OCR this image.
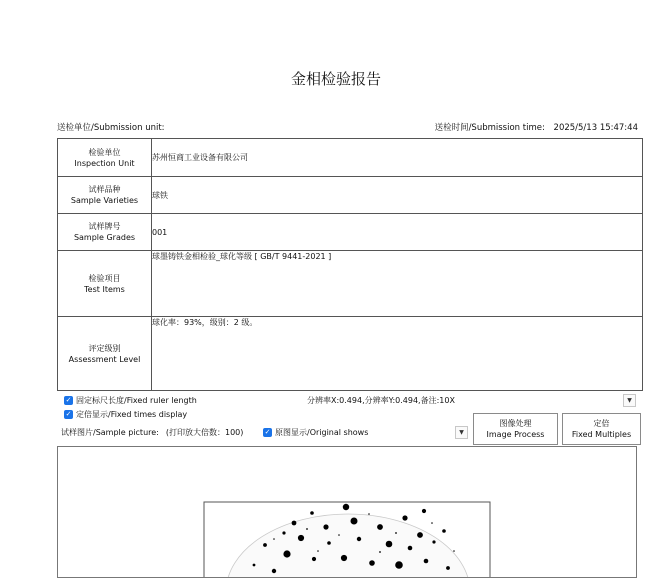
金相检验报告
送检单位/Submission unit:	送检时间/Submission time: 2025/5/13 15:47:44
检验单位
Inspection Unit	苏州恒商工业设备有限公司

试样品种
Sample Varieties	球铁

试样牌号
Sample Grades	001

检验项目
Test Items	球墨铸铁金相检验_球化等级 [ GB/T 9441-2021 ]

评定级别
Assessment Level	球化率：93%，级别：2 级。
✓ 固定标尺长度/Fixed ruler length	分辨率X:0.494,分辨率Y:0.494,备注:10X	▼
✓ 定倍显示/Fixed times display
试样图片/Sample picture: (打印放大倍数：100)	✓ 原图显示/Original shows	▼
图像处理
Image Process
定倍
Fixed Multiples
